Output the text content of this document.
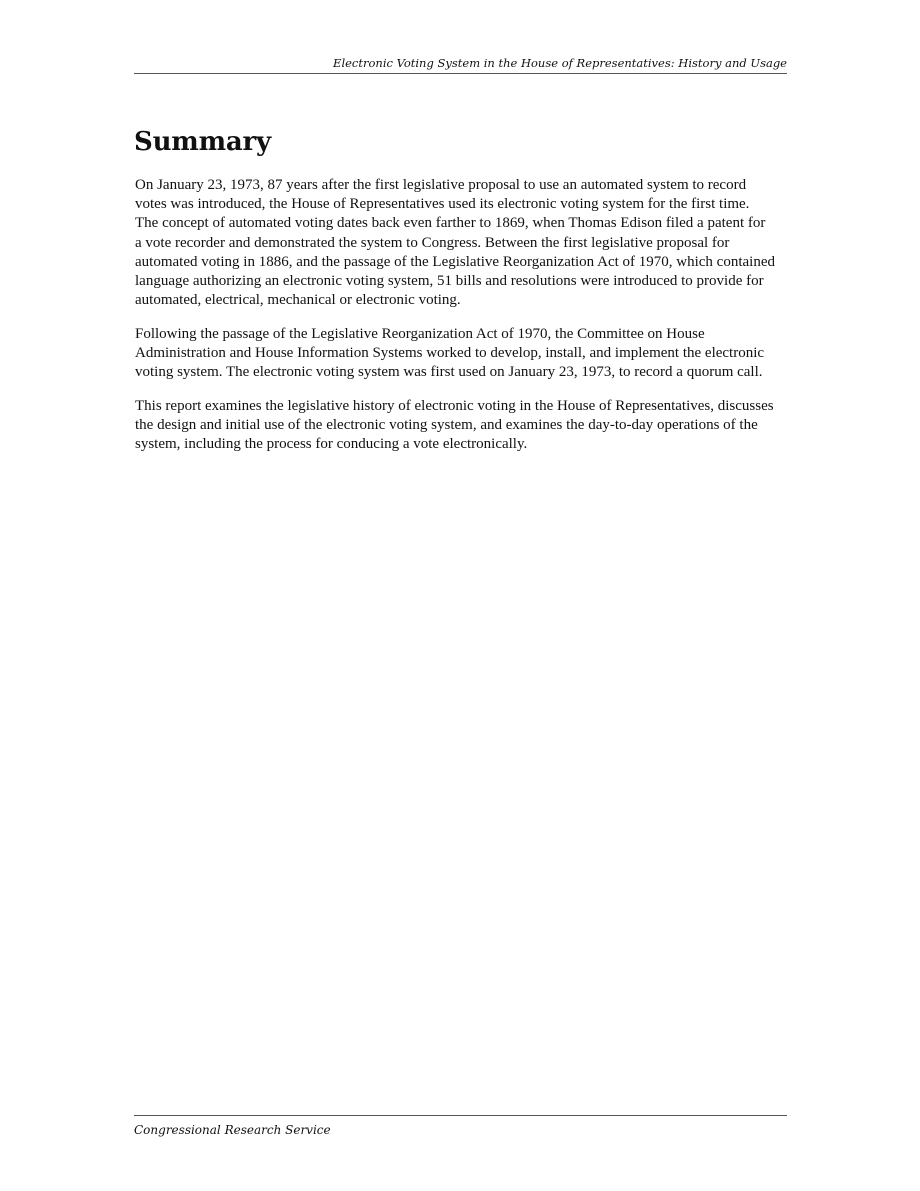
Electronic Voting System in the House of Representatives: History and Usage
Summary

On January 23, 1973, 87 years after the first legislative proposal to use an automated system to record votes was introduced, the House of Representatives used its electronic voting system for the first time. The concept of automated voting dates back even farther to 1869, when Thomas Edison filed a patent for a vote recorder and demonstrated the system to Congress. Between the first legislative proposal for automated voting in 1886, and the passage of the Legislative Reorganization Act of 1970, which contained language authorizing an electronic voting system, 51 bills and resolutions were introduced to provide for automated, electrical, mechanical or electronic voting.

Following the passage of the Legislative Reorganization Act of 1970, the Committee on House Administration and House Information Systems worked to develop, install, and implement the electronic voting system. The electronic voting system was first used on January 23, 1973, to record a quorum call.

This report examines the legislative history of electronic voting in the House of Representatives, discusses the design and initial use of the electronic voting system, and examines the day-to-day operations of the system, including the process for conducing a vote electronically.

Congressional Research Service
